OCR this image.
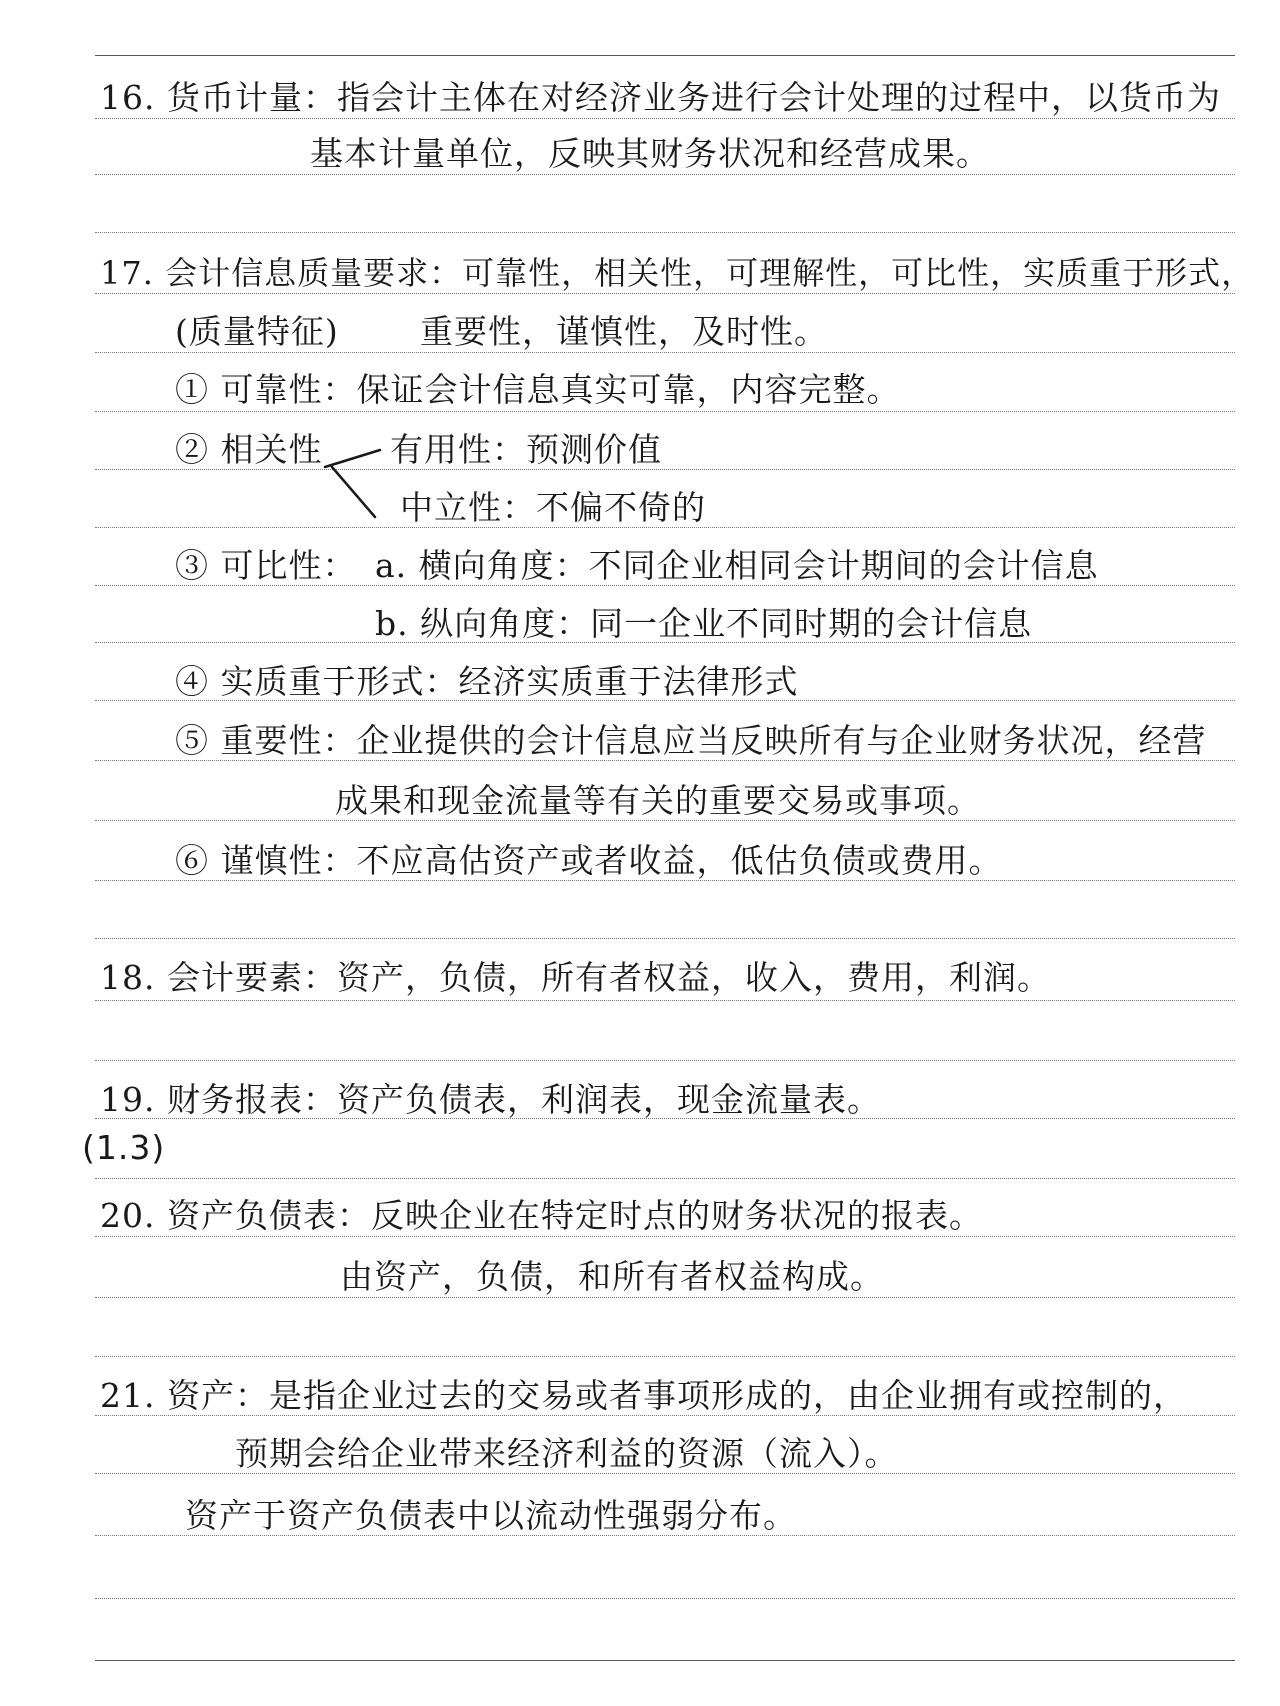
16. 货币计量：指会计主体在对经济业务进行会计处理的过程中，以货币为
基本计量单位，反映其财务状况和经营成果。
17. 会计信息质量要求：可靠性，相关性，可理解性，可比性，实质重于形式，
(质量特征) 重要性，谨慎性，及时性。
① 可靠性：保证会计信息真实可靠，内容完整。
② 相关性 有用性：预测价值
中立性：不偏不倚的
③ 可比性： a. 横向角度：不同企业相同会计期间的会计信息
b. 纵向角度：同一企业不同时期的会计信息
④ 实质重于形式：经济实质重于法律形式
⑤ 重要性：企业提供的会计信息应当反映所有与企业财务状况，经营
成果和现金流量等有关的重要交易或事项。
⑥ 谨慎性：不应高估资产或者收益，低估负债或费用。
18. 会计要素：资产，负债，所有者权益，收入，费用，利润。
19. 财务报表：资产负债表，利润表，现金流量表。
(1.3)
20. 资产负债表：反映企业在特定时点的财务状况的报表。
由资产，负债，和所有者权益构成。
21. 资产：是指企业过去的交易或者事项形成的，由企业拥有或控制的，
预期会给企业带来经济利益的资源（流入）。
资产于资产负债表中以流动性强弱分布。
